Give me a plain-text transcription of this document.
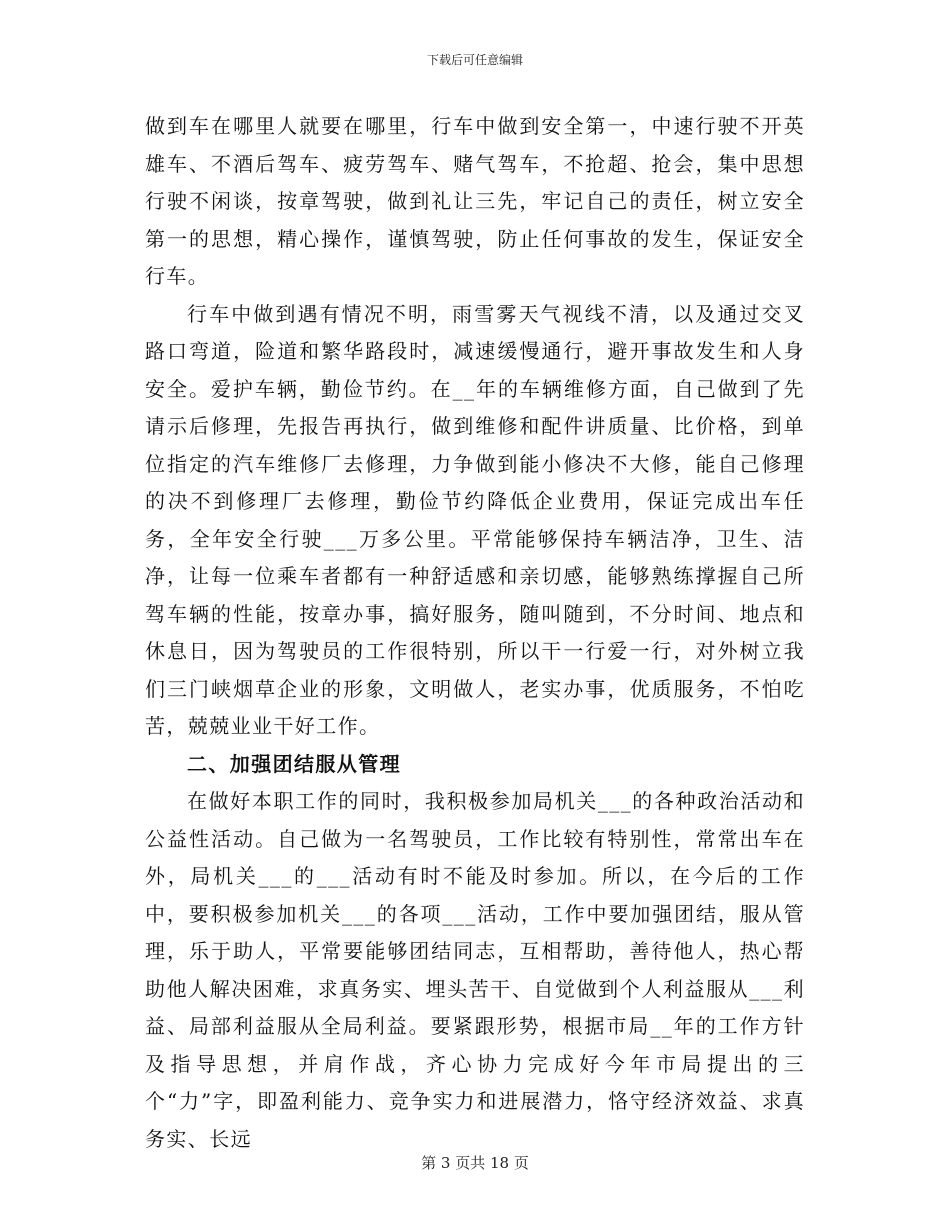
下载后可任意编辑

做到车在哪里人就要在哪里，行车中做到安全第一，中速行驶不开英雄车、不酒后驾车、疲劳驾车、赌气驾车，不抢超、抢会，集中思想行驶不闲谈，按章驾驶，做到礼让三先，牢记自己的责任，树立安全第一的思想，精心操作，谨慎驾驶，防止任何事故的发生，保证安全行车。

行车中做到遇有情况不明，雨雪雾天气视线不清，以及通过交叉路口弯道，险道和繁华路段时，减速缓慢通行，避开事故发生和人身安全。爱护车辆，勤俭节约。在__年的车辆维修方面，自己做到了先请示后修理，先报告再执行，做到维修和配件讲质量、比价格，到单位指定的汽车维修厂去修理，力争做到能小修决不大修，能自己修理的决不到修理厂去修理，勤俭节约降低企业费用，保证完成出车任务，全年安全行驶___万多公里。平常能够保持车辆洁净，卫生、洁净，让每一位乘车者都有一种舒适感和亲切感，能够熟练撑握自己所驾车辆的性能，按章办事，搞好服务，随叫随到，不分时间、地点和休息日，因为驾驶员的工作很特别，所以干一行爱一行，对外树立我们三门峡烟草企业的形象，文明做人，老实办事，优质服务，不怕吃苦，兢兢业业干好工作。

二、加强团结服从管理

在做好本职工作的同时，我积极参加局机关___的各种政治活动和公益性活动。自己做为一名驾驶员，工作比较有特别性，常常出车在外，局机关___的___活动有时不能及时参加。所以，在今后的工作中，要积极参加机关___的各项___活动，工作中要加强团结，服从管理，乐于助人，平常要能够团结同志，互相帮助，善待他人，热心帮助他人解决困难，求真务实、埋头苦干、自觉做到个人利益服从___利益、局部利益服从全局利益。要紧跟形势，根据市局__年的工作方针及指导思想，并肩作战，齐心协力完成好今年市局提出的三个“力”字，即盈利能力、竞争实力和进展潜力，恪守经济效益、求真务实、长远

第 3 页共 18 页
